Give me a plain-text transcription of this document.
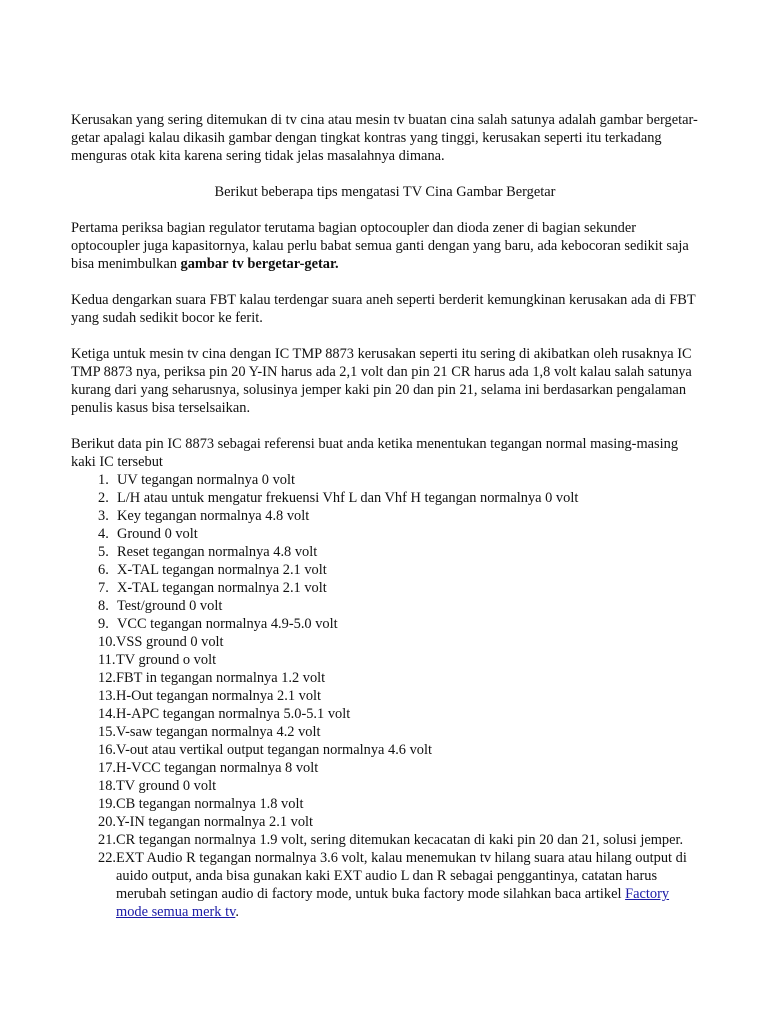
Kerusakan yang sering ditemukan di tv cina atau mesin tv buatan cina salah satunya adalah gambar bergetar-getar apalagi kalau dikasih gambar dengan tingkat kontras yang tinggi, kerusakan seperti itu terkadang menguras otak kita karena sering tidak jelas masalahnya dimana.

Berikut beberapa tips mengatasi TV Cina Gambar Bergetar

Pertama periksa bagian regulator terutama bagian optocoupler dan dioda zener di bagian sekunder optocoupler juga kapasitornya, kalau perlu babat semua ganti dengan yang baru, ada kebocoran sedikit saja bisa menimbulkan gambar tv bergetar-getar.

Kedua dengarkan suara FBT kalau terdengar suara aneh seperti berderit kemungkinan kerusakan ada di FBT yang sudah sedikit bocor ke ferit.

Ketiga untuk mesin tv cina dengan IC TMP 8873 kerusakan seperti itu sering di akibatkan oleh rusaknya IC TMP 8873 nya, periksa pin 20 Y-IN harus ada 2,1 volt dan pin 21 CR harus ada 1,8 volt kalau salah satunya kurang dari yang seharusnya, solusinya jemper kaki pin 20 dan pin 21, selama ini berdasarkan pengalaman penulis kasus bisa terselsaikan.

Berikut data pin IC 8873 sebagai referensi buat anda ketika menentukan tegangan normal masing-masing kaki IC tersebut

1. UV tegangan normalnya 0 volt
2. L/H atau untuk mengatur frekuensi Vhf L dan Vhf H tegangan normalnya 0 volt
3. Key tegangan normalnya 4.8 volt
4. Ground 0 volt
5. Reset tegangan normalnya 4.8 volt
6. X-TAL tegangan normalnya 2.1 volt
7. X-TAL tegangan normalnya 2.1 volt
8. Test/ground 0 volt
9. VCC tegangan normalnya 4.9-5.0 volt
10. VSS ground 0 volt
11. TV ground o volt
12. FBT in tegangan normalnya 1.2 volt
13. H-Out tegangan normalnya 2.1 volt
14. H-APC tegangan normalnya 5.0-5.1 volt
15. V-saw tegangan normalnya 4.2 volt
16. V-out atau vertikal output tegangan normalnya 4.6 volt
17. H-VCC tegangan normalnya 8 volt
18. TV ground 0 volt
19. CB tegangan normalnya 1.8 volt
20. Y-IN tegangan normalnya 2.1 volt
21. CR tegangan normalnya 1.9 volt, sering ditemukan kecacatan di kaki pin 20 dan 21, solusi jemper.
22. EXT Audio R tegangan normalnya 3.6 volt, kalau menemukan tv hilang suara atau hilang output di auido output, anda bisa gunakan kaki EXT audio L dan R sebagai penggantinya, catatan harus merubah setingan audio di factory mode, untuk buka factory mode silahkan baca artikel Factory mode semua merk tv.
